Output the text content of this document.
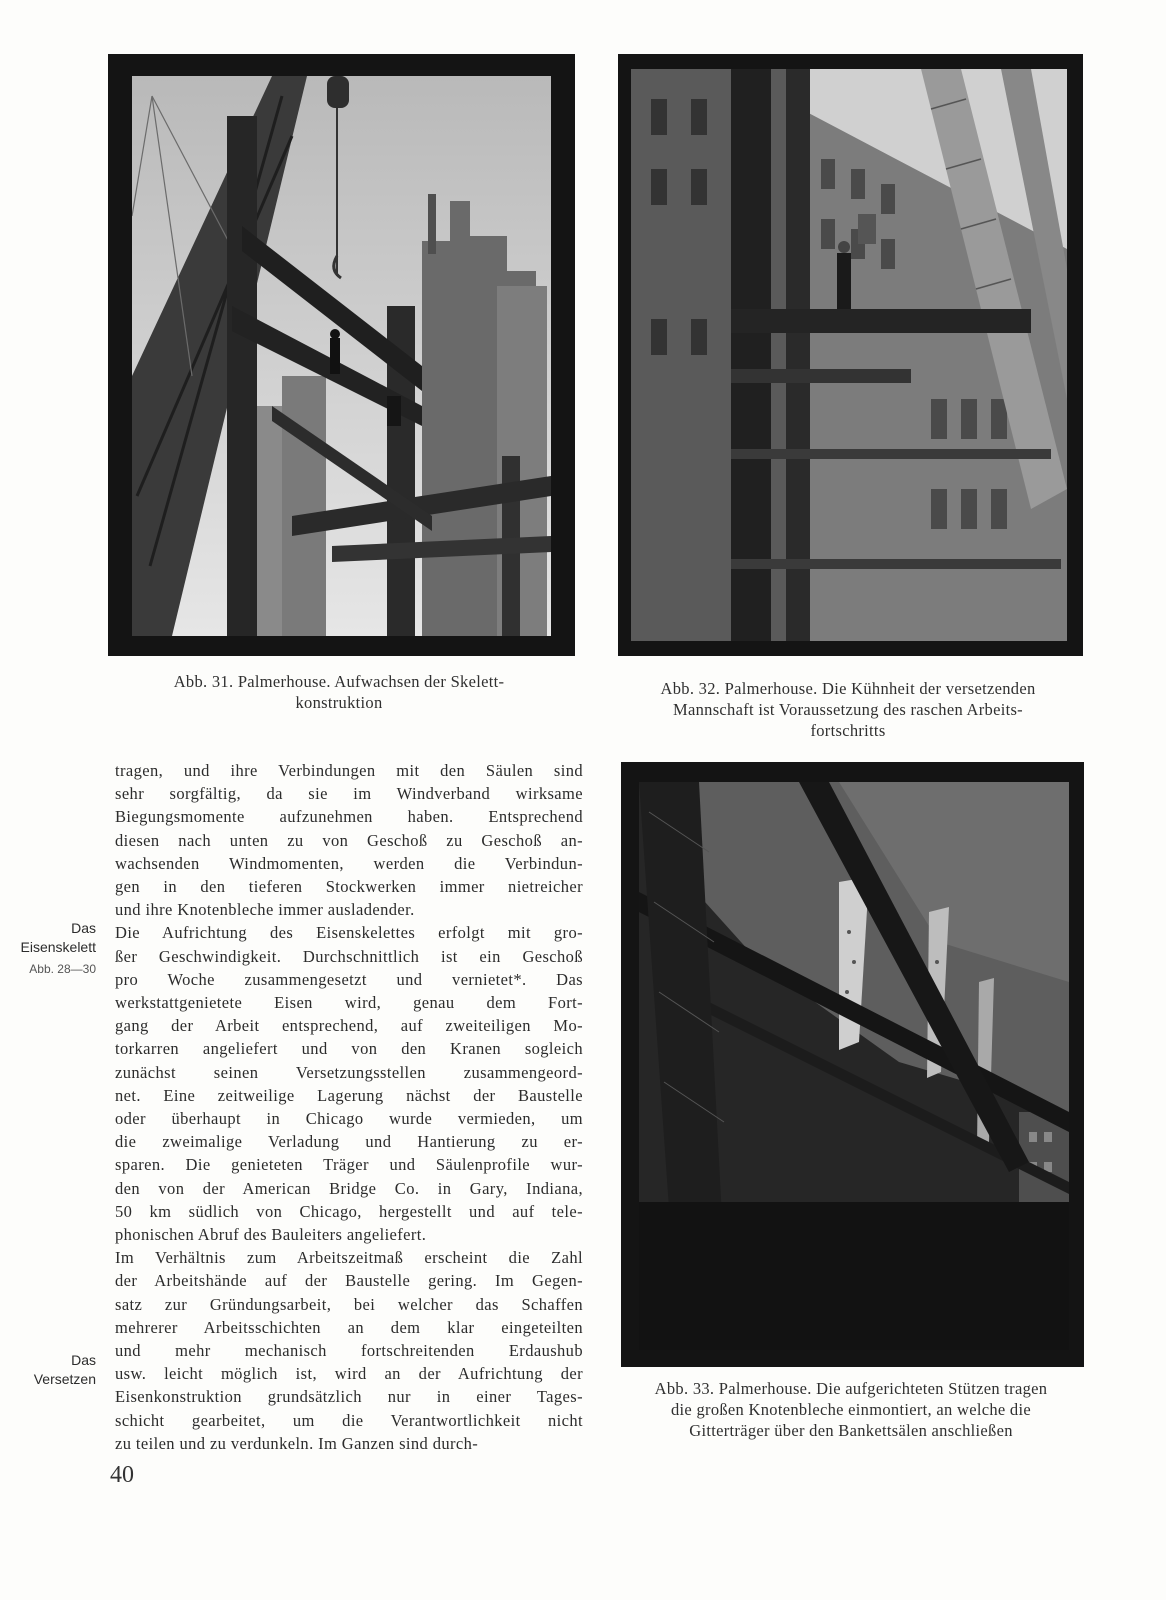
Abb. 31. Palmerhouse. Aufwachsen der Skelett-
konstruktion
Abb. 32. Palmerhouse. Die Kühnheit der versetzenden
Mannschaft ist Voraussetzung des raschen Arbeits-
fortschritts
Abb. 33. Palmerhouse. Die aufgerichteten Stützen tragen
die großen Knotenbleche einmontiert, an welche die
Gitterträger über den Bankettsälen anschließen
Das
Eisenskelett
Abb. 28—30
Das
Versetzen
tragen, und ihre Verbindungen mit den Säulen sind
sehr sorgfältig, da sie im Windverband wirksame
Biegungsmomente aufzunehmen haben. Entsprechend
diesen nach unten zu von Geschoß zu Geschoß an-
wachsenden Windmomenten, werden die Verbindun-
gen in den tieferen Stockwerken immer nietreicher
und ihre Knotenbleche immer ausladender.
Die Aufrichtung des Eisenskelettes erfolgt mit gro-
ßer Geschwindigkeit. Durchschnittlich ist ein Geschoß
pro Woche zusammengesetzt und vernietet*. Das
werkstattgenietete Eisen wird, genau dem Fort-
gang der Arbeit entsprechend, auf zweiteiligen Mo-
torkarren angeliefert und von den Kranen sogleich
zunächst seinen Versetzungsstellen zusammengeord-
net. Eine zeitweilige Lagerung nächst der Baustelle
oder überhaupt in Chicago wurde vermieden, um
die zweimalige Verladung und Hantierung zu er-
sparen. Die genieteten Träger und Säulenprofile wur-
den von der American Bridge Co. in Gary, Indiana,
50 km südlich von Chicago, hergestellt und auf tele-
phonischen Abruf des Bauleiters angeliefert.
Im Verhältnis zum Arbeitszeitmaß erscheint die Zahl
der Arbeitshände auf der Baustelle gering. Im Gegen-
satz zur Gründungsarbeit, bei welcher das Schaffen
mehrerer Arbeitsschichten an dem klar eingeteilten
und mehr mechanisch fortschreitenden Erdaushub
usw. leicht möglich ist, wird an der Aufrichtung der
Eisenkonstruktion grundsätzlich nur in einer Tages-
schicht gearbeitet, um die Verantwortlichkeit nicht
zu teilen und zu verdunkeln. Im Ganzen sind durch-
40
